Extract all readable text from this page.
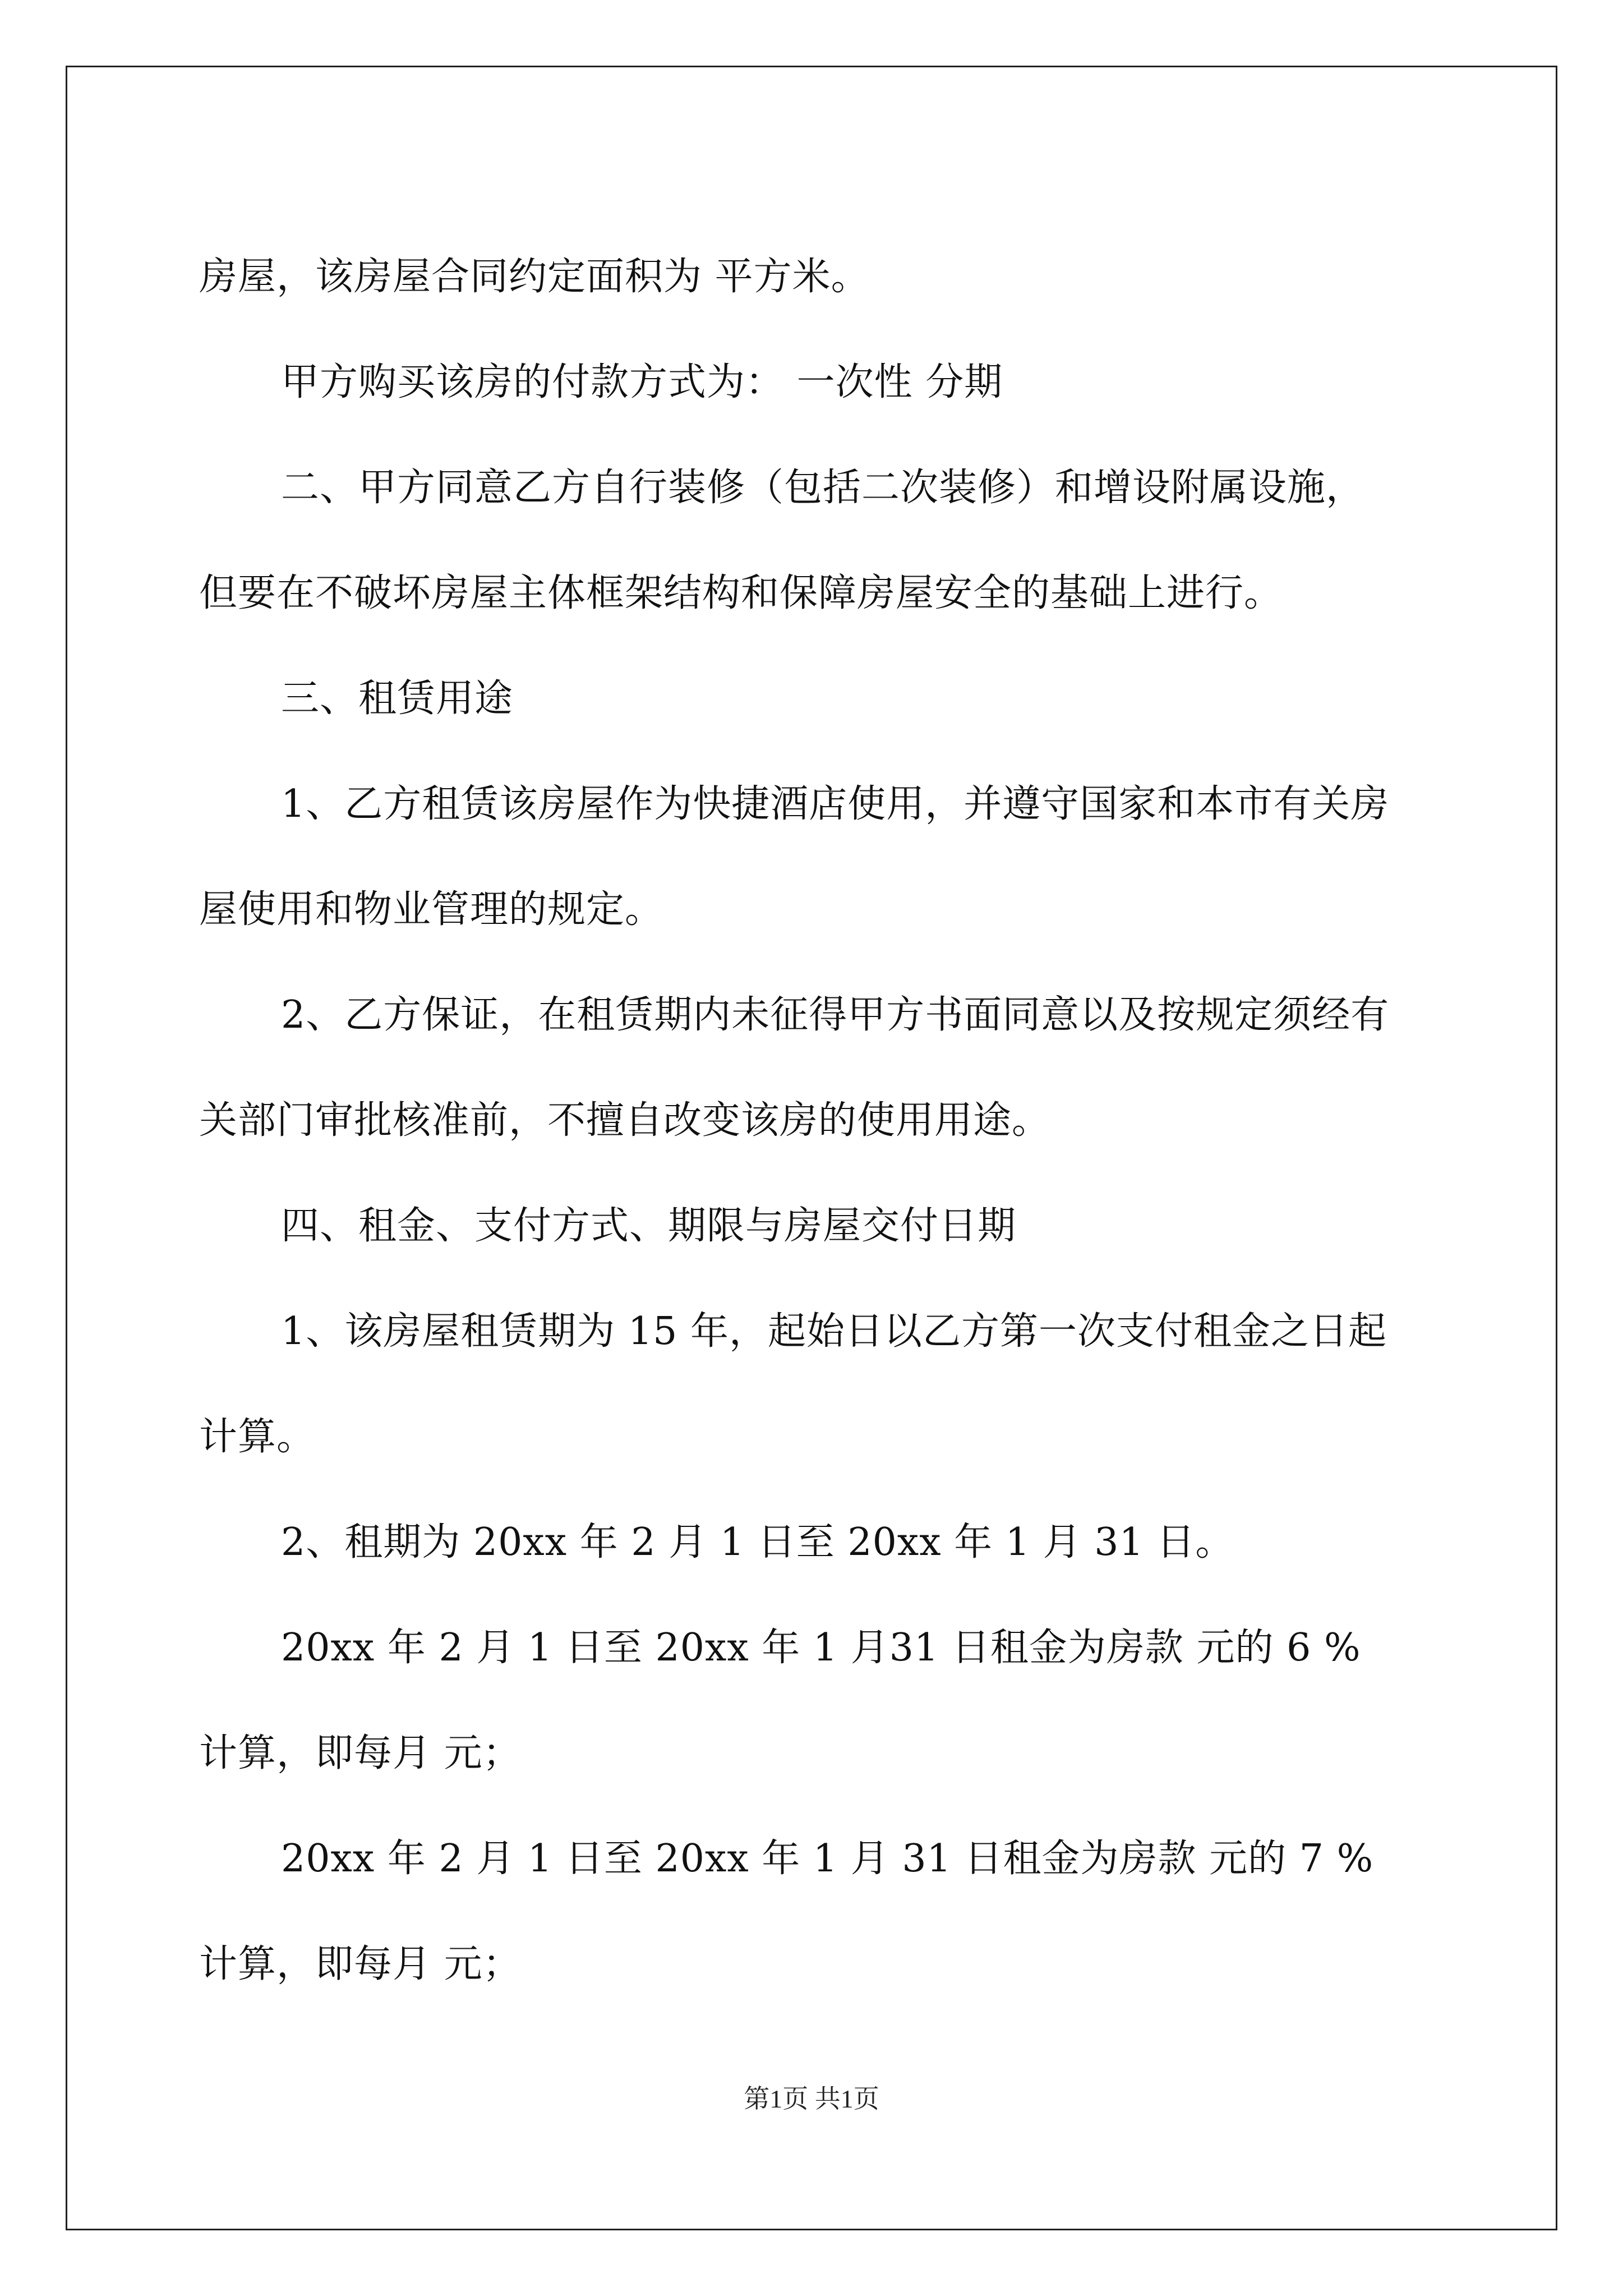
房屋，该房屋合同约定面积为 平方米。

甲方购买该房的付款方式为： 一次性 分期

二、甲方同意乙方自行装修（包括二次装修）和增设附属设施，

但要在不破坏房屋主体框架结构和保障房屋安全的基础上进行。

三、租赁用途

1、乙方租赁该房屋作为快捷酒店使用，并遵守国家和本市有关房

屋使用和物业管理的规定。

2、乙方保证，在租赁期内未征得甲方书面同意以及按规定须经有

关部门审批核准前，不擅自改变该房的使用用途。

四、租金、支付方式、期限与房屋交付日期

1、该房屋租赁期为 15 年，起始日以乙方第一次支付租金之日起

计算。

2、租期为 20xx 年 2 月 1 日至 20xx 年 1 月 31 日。

20xx 年 2 月 1 日至 20xx 年 1 月31 日租金为房款 元的 6 %

计算，即每月 元；

20xx 年 2 月 1 日至 20xx 年 1 月 31 日租金为房款 元的 7 %

计算，即每月 元；

第1页 共1页
